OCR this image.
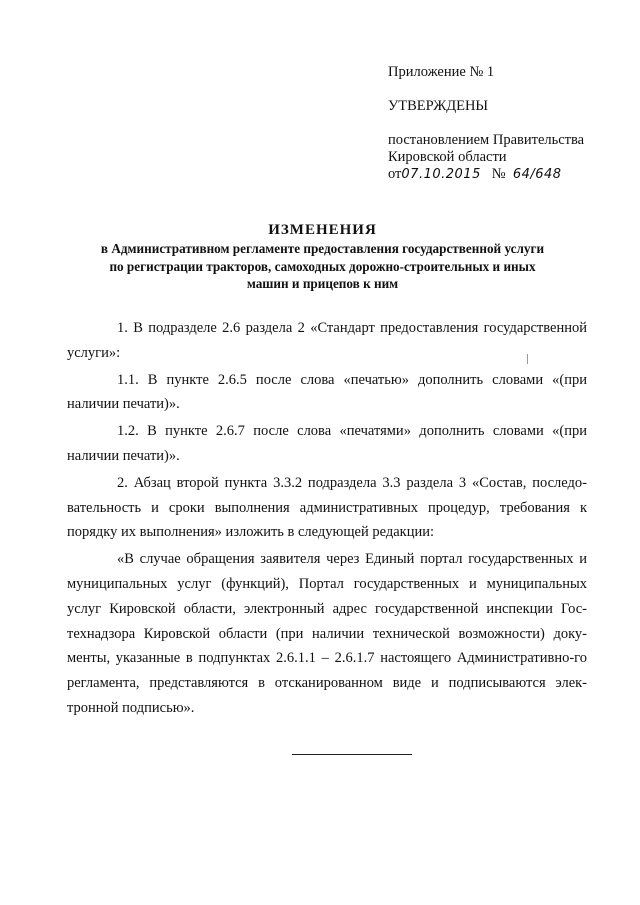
Приложение № 1
УТВЕРЖДЕНЫ
постановлением Правительства
Кировской области
от07.10.2015 № 64/648
ИЗМЕНЕНИЯ
в Административном регламенте предоставления государственной услуги
по регистрации тракторов, самоходных дорожно-строительных и иных
машин и прицепов к ним

1. В подразделе 2.6 раздела 2 «Стандарт предоставления государственной услуги»:

1.1. В пункте 2.6.5 после слова «печатью» дополнить словами «(при наличии печати)».

1.2. В пункте 2.6.7 после слова «печатями» дополнить словами «(при наличии печати)».

2. Абзац второй пункта 3.3.2 подраздела 3.3 раздела 3 «Состав, последо-вательность и сроки выполнения административных процедур, требования к порядку их выполнения» изложить в следующей редакции:

«В случае обращения заявителя через Единый портал государственных и муниципальных услуг (функций), Портал государственных и муниципальных услуг Кировской области, электронный адрес государственной инспекции Гос-технадзора Кировской области (при наличии технической возможности) доку-менты, указанные в подпунктах 2.6.1.1 – 2.6.1.7 настоящего Административно-го регламента, представляются в отсканированном виде и подписываются элек-тронной подписью».
